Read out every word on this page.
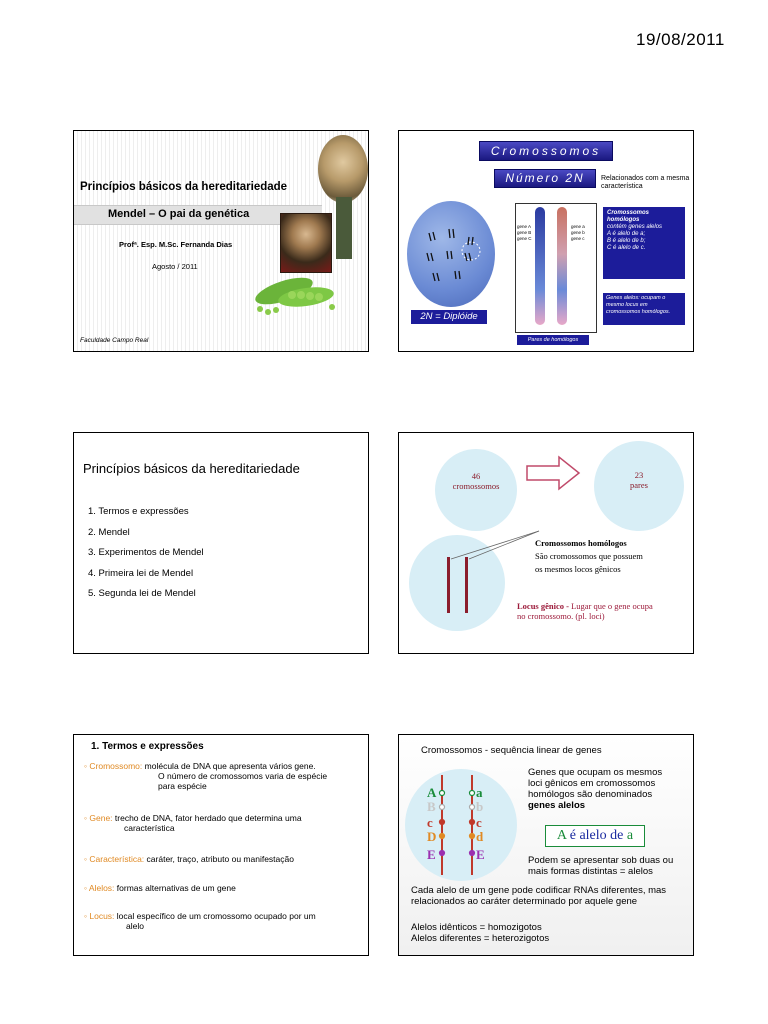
19/08/2011
Princípios básicos da hereditariedade
Mendel – O pai da genética
Profª. Esp. M.Sc. Fernanda Dias
Agosto / 2011
Faculdade Campo Real
Cromossomos
Número 2N	Relacionados com a mesma característica
gene A
gene B
gene C
gene a
gene b
gene c
Cromossomos homólogos
contém genes alelos
A é alelo de a;
B é alelo de b;
C é alelo de c.
Genes alelos: ocupam o mesmo locus em cromossomos homólogos.
2N = Diplóide
Pares de homólogos
Princípios básicos da hereditariedade
1. Termos e expressões
2. Mendel
3. Experimentos de Mendel
4. Primeira lei de Mendel
5. Segunda lei de Mendel
46
cromossomos
23
pares
Cromossomos homólogos
São cromossomos que possuem
os mesmos locos gênicos
Locus gênico - Lugar que o gene ocupa
no cromossomo. (pl. loci)
1. Termos e expressões
◦ Cromossomo: molécula de DNA que apresenta vários gene.
O número de cromossomos varia de espécie
para espécie
◦ Gene: trecho de DNA, fator herdado que determina uma
característica
◦ Característica: caráter, traço, atributo ou manifestação
◦ Alelos: formas alternativas de um gene
◦ Locus: local específico de um cromossomo ocupado por um
alelo
Cromossomos - sequência linear de genes
A
B
c
D
E
a
b
c
d
E
Genes que ocupam os mesmos
loci gênicos em cromossomos
homólogos são denominados
genes alelos
A é alelo de a
Podem se apresentar sob duas ou
mais formas distintas = alelos
Cada alelo de um gene pode codificar RNAs diferentes, mas
relacionados ao caráter determinado por aquele gene
Alelos idênticos = homozigotos
Alelos diferentes = heterozigotos
